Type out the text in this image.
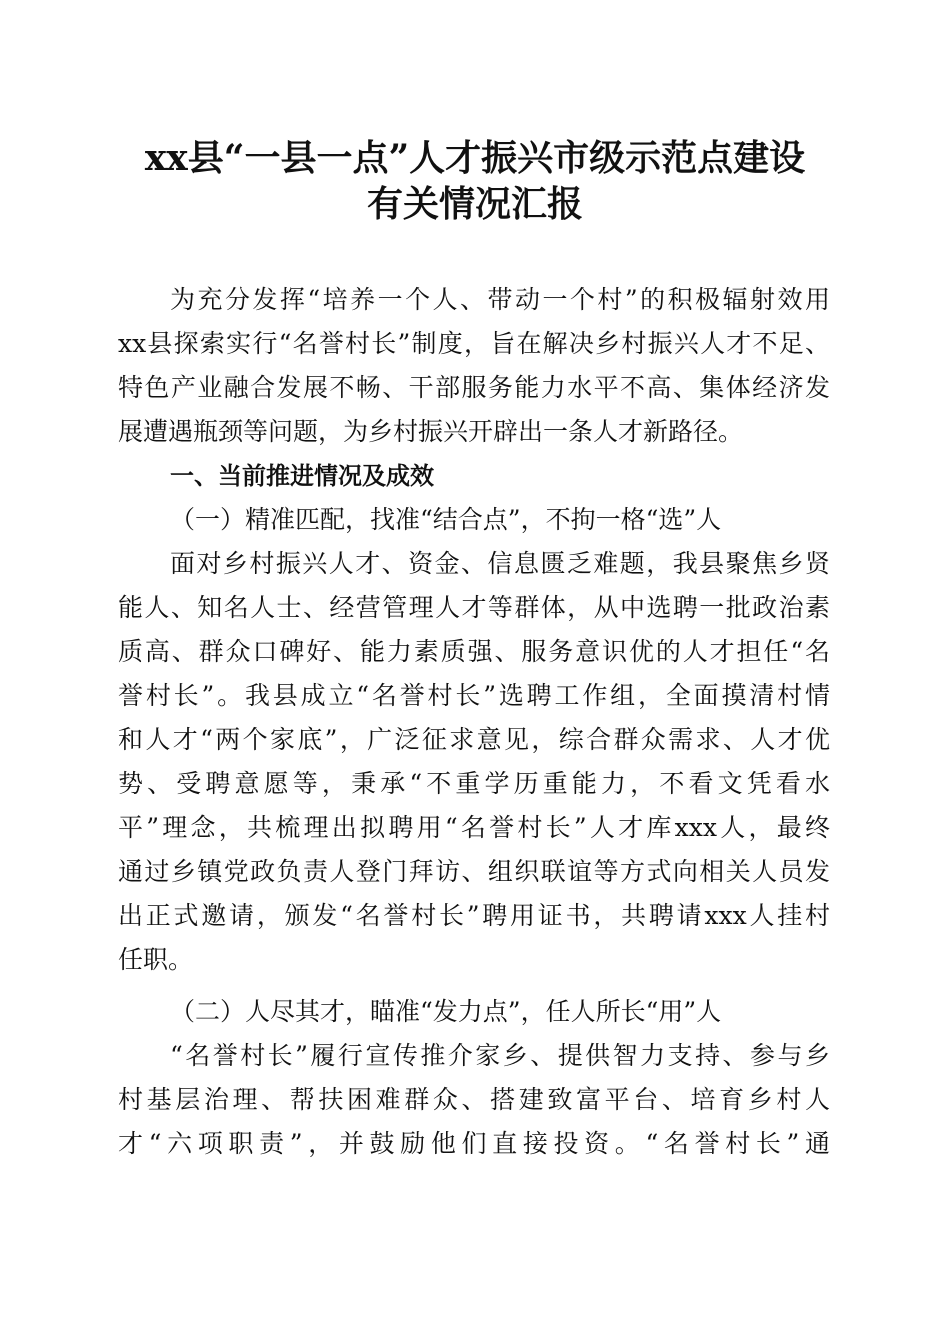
xx县“一县一点”人才振兴市级示范点建设
有关情况汇报
为充分发挥“培养一个人、带动一个村”的积极辐射效用
xx县探索实行“名誉村长”制度，旨在解决乡村振兴人才不足、
特色产业融合发展不畅、干部服务能力水平不高、集体经济发
展遭遇瓶颈等问题，为乡村振兴开辟出一条人才新路径。
一、当前推进情况及成效
（一）精准匹配，找准“结合点”，不拘一格“选”人
面对乡村振兴人才、资金、信息匮乏难题，我县聚焦乡贤
能人、知名人士、经营管理人才等群体，从中选聘一批政治素
质高、群众口碑好、能力素质强、服务意识优的人才担任“名
誉村长”。我县成立“名誉村长”选聘工作组，全面摸清村情
和人才“两个家底”，广泛征求意见，综合群众需求、人才优
势、受聘意愿等，秉承“不重学历重能力，不看文凭看水
平”理念，共梳理出拟聘用“名誉村长”人才库xxx人，最终
通过乡镇党政负责人登门拜访、组织联谊等方式向相关人员发
出正式邀请，颁发“名誉村长”聘用证书，共聘请xxx人挂村
任职。
（二）人尽其才，瞄准“发力点”，任人所长“用”人
“名誉村长”履行宣传推介家乡、提供智力支持、参与乡
村基层治理、帮扶困难群众、搭建致富平台、培育乡村人
才“六项职责”，并鼓励他们直接投资。“名誉村长”通
